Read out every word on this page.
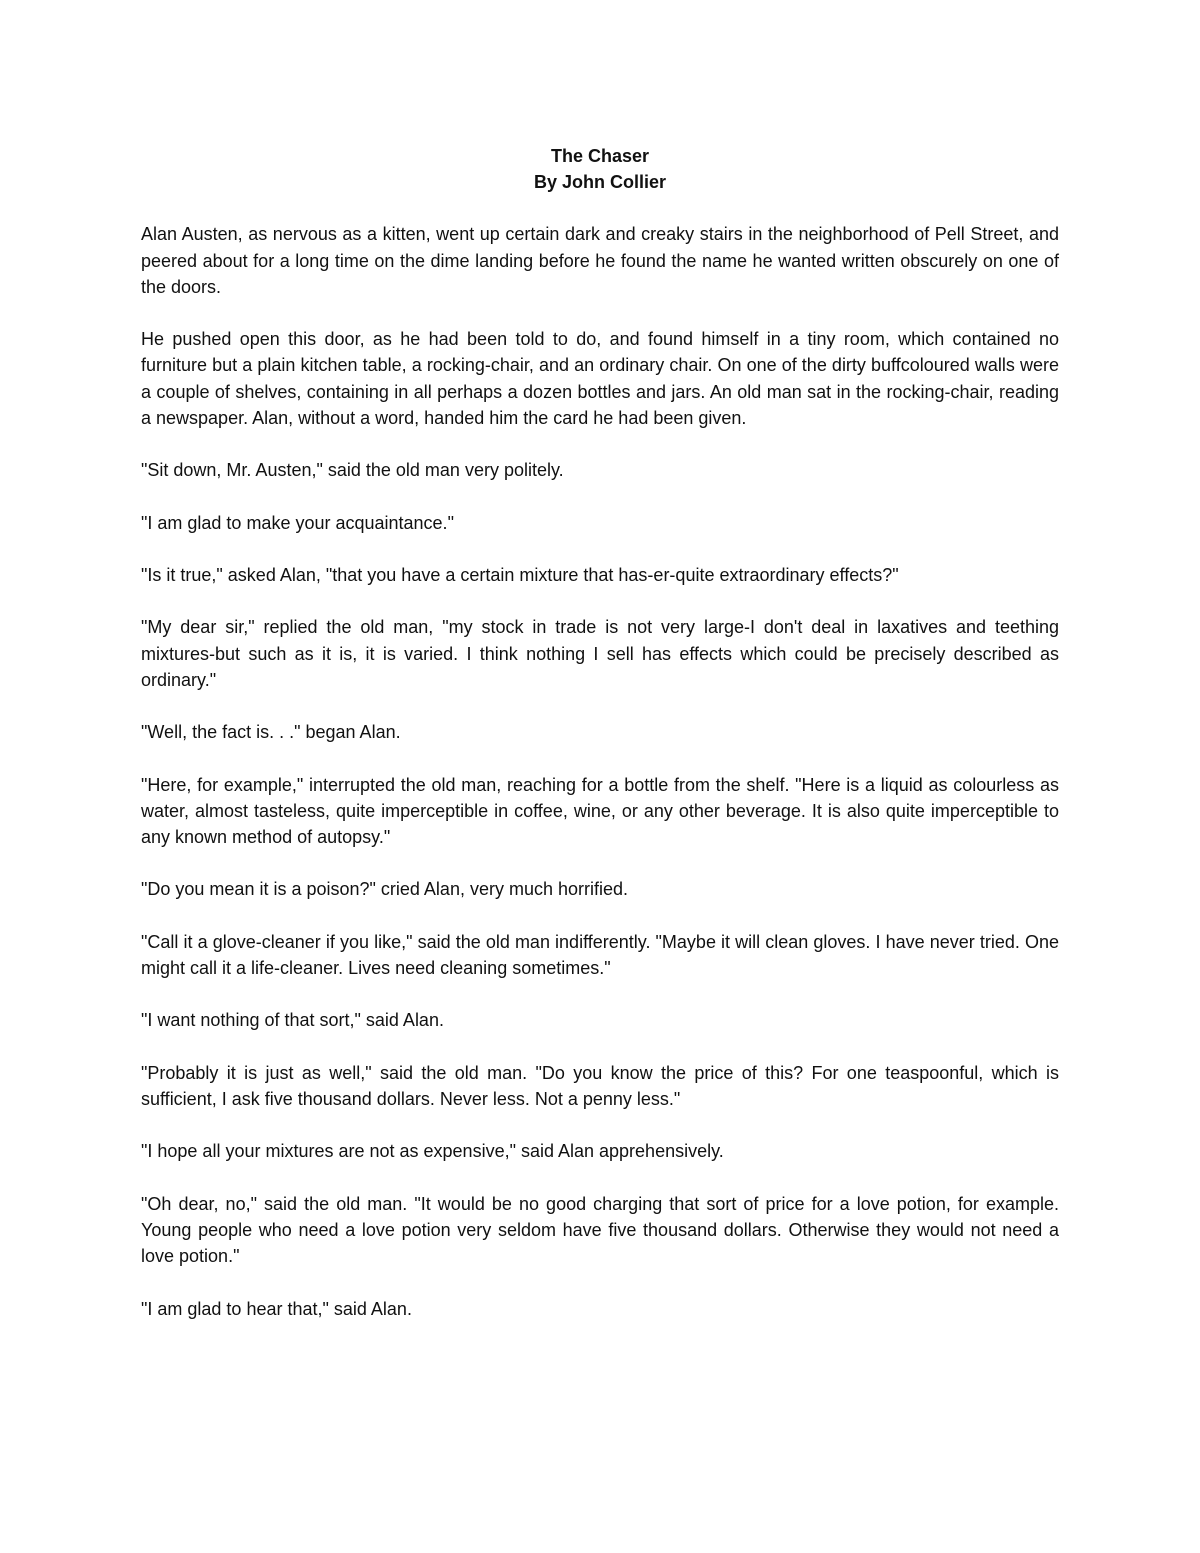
The Chaser
By John Collier

Alan Austen, as nervous as a kitten, went up certain dark and creaky stairs in the neighborhood of Pell Street, and peered about for a long time on the dime landing before he found the name he wanted written obscurely on one of the doors.

He pushed open this door, as he had been told to do, and found himself in a tiny room, which contained no furniture but a plain kitchen table, a rocking-chair, and an ordinary chair. On one of the dirty buffcoloured walls were a couple of shelves, containing in all perhaps a dozen bottles and jars. An old man sat in the rocking-chair, reading a newspaper. Alan, without a word, handed him the card he had been given.

"Sit down, Mr. Austen," said the old man very politely.

"I am glad to make your acquaintance."

"Is it true," asked Alan, "that you have a certain mixture that has-er-quite extraordinary effects?"

"My dear sir," replied the old man, "my stock in trade is not very large-I don't deal in laxatives and teething mixtures-but such as it is, it is varied. I think nothing I sell has effects which could be precisely described as ordinary."

"Well, the fact is. . ." began Alan.

"Here, for example," interrupted the old man, reaching for a bottle from the shelf. "Here is a liquid as colourless as water, almost tasteless, quite imperceptible in coffee, wine, or any other beverage. It is also quite imperceptible to any known method of autopsy."

"Do you mean it is a poison?" cried Alan, very much horrified.

"Call it a glove-cleaner if you like," said the old man indifferently. "Maybe it will clean gloves. I have never tried. One might call it a life-cleaner. Lives need cleaning sometimes."

"I want nothing of that sort," said Alan.

"Probably it is just as well," said the old man. "Do you know the price of this? For one teaspoonful, which is sufficient, I ask five thousand dollars. Never less. Not a penny less."

"I hope all your mixtures are not as expensive," said Alan apprehensively.

"Oh dear, no," said the old man. "It would be no good charging that sort of price for a love potion, for example. Young people who need a love potion very seldom have five thousand dollars. Otherwise they would not need a love potion."

"I am glad to hear that," said Alan.
